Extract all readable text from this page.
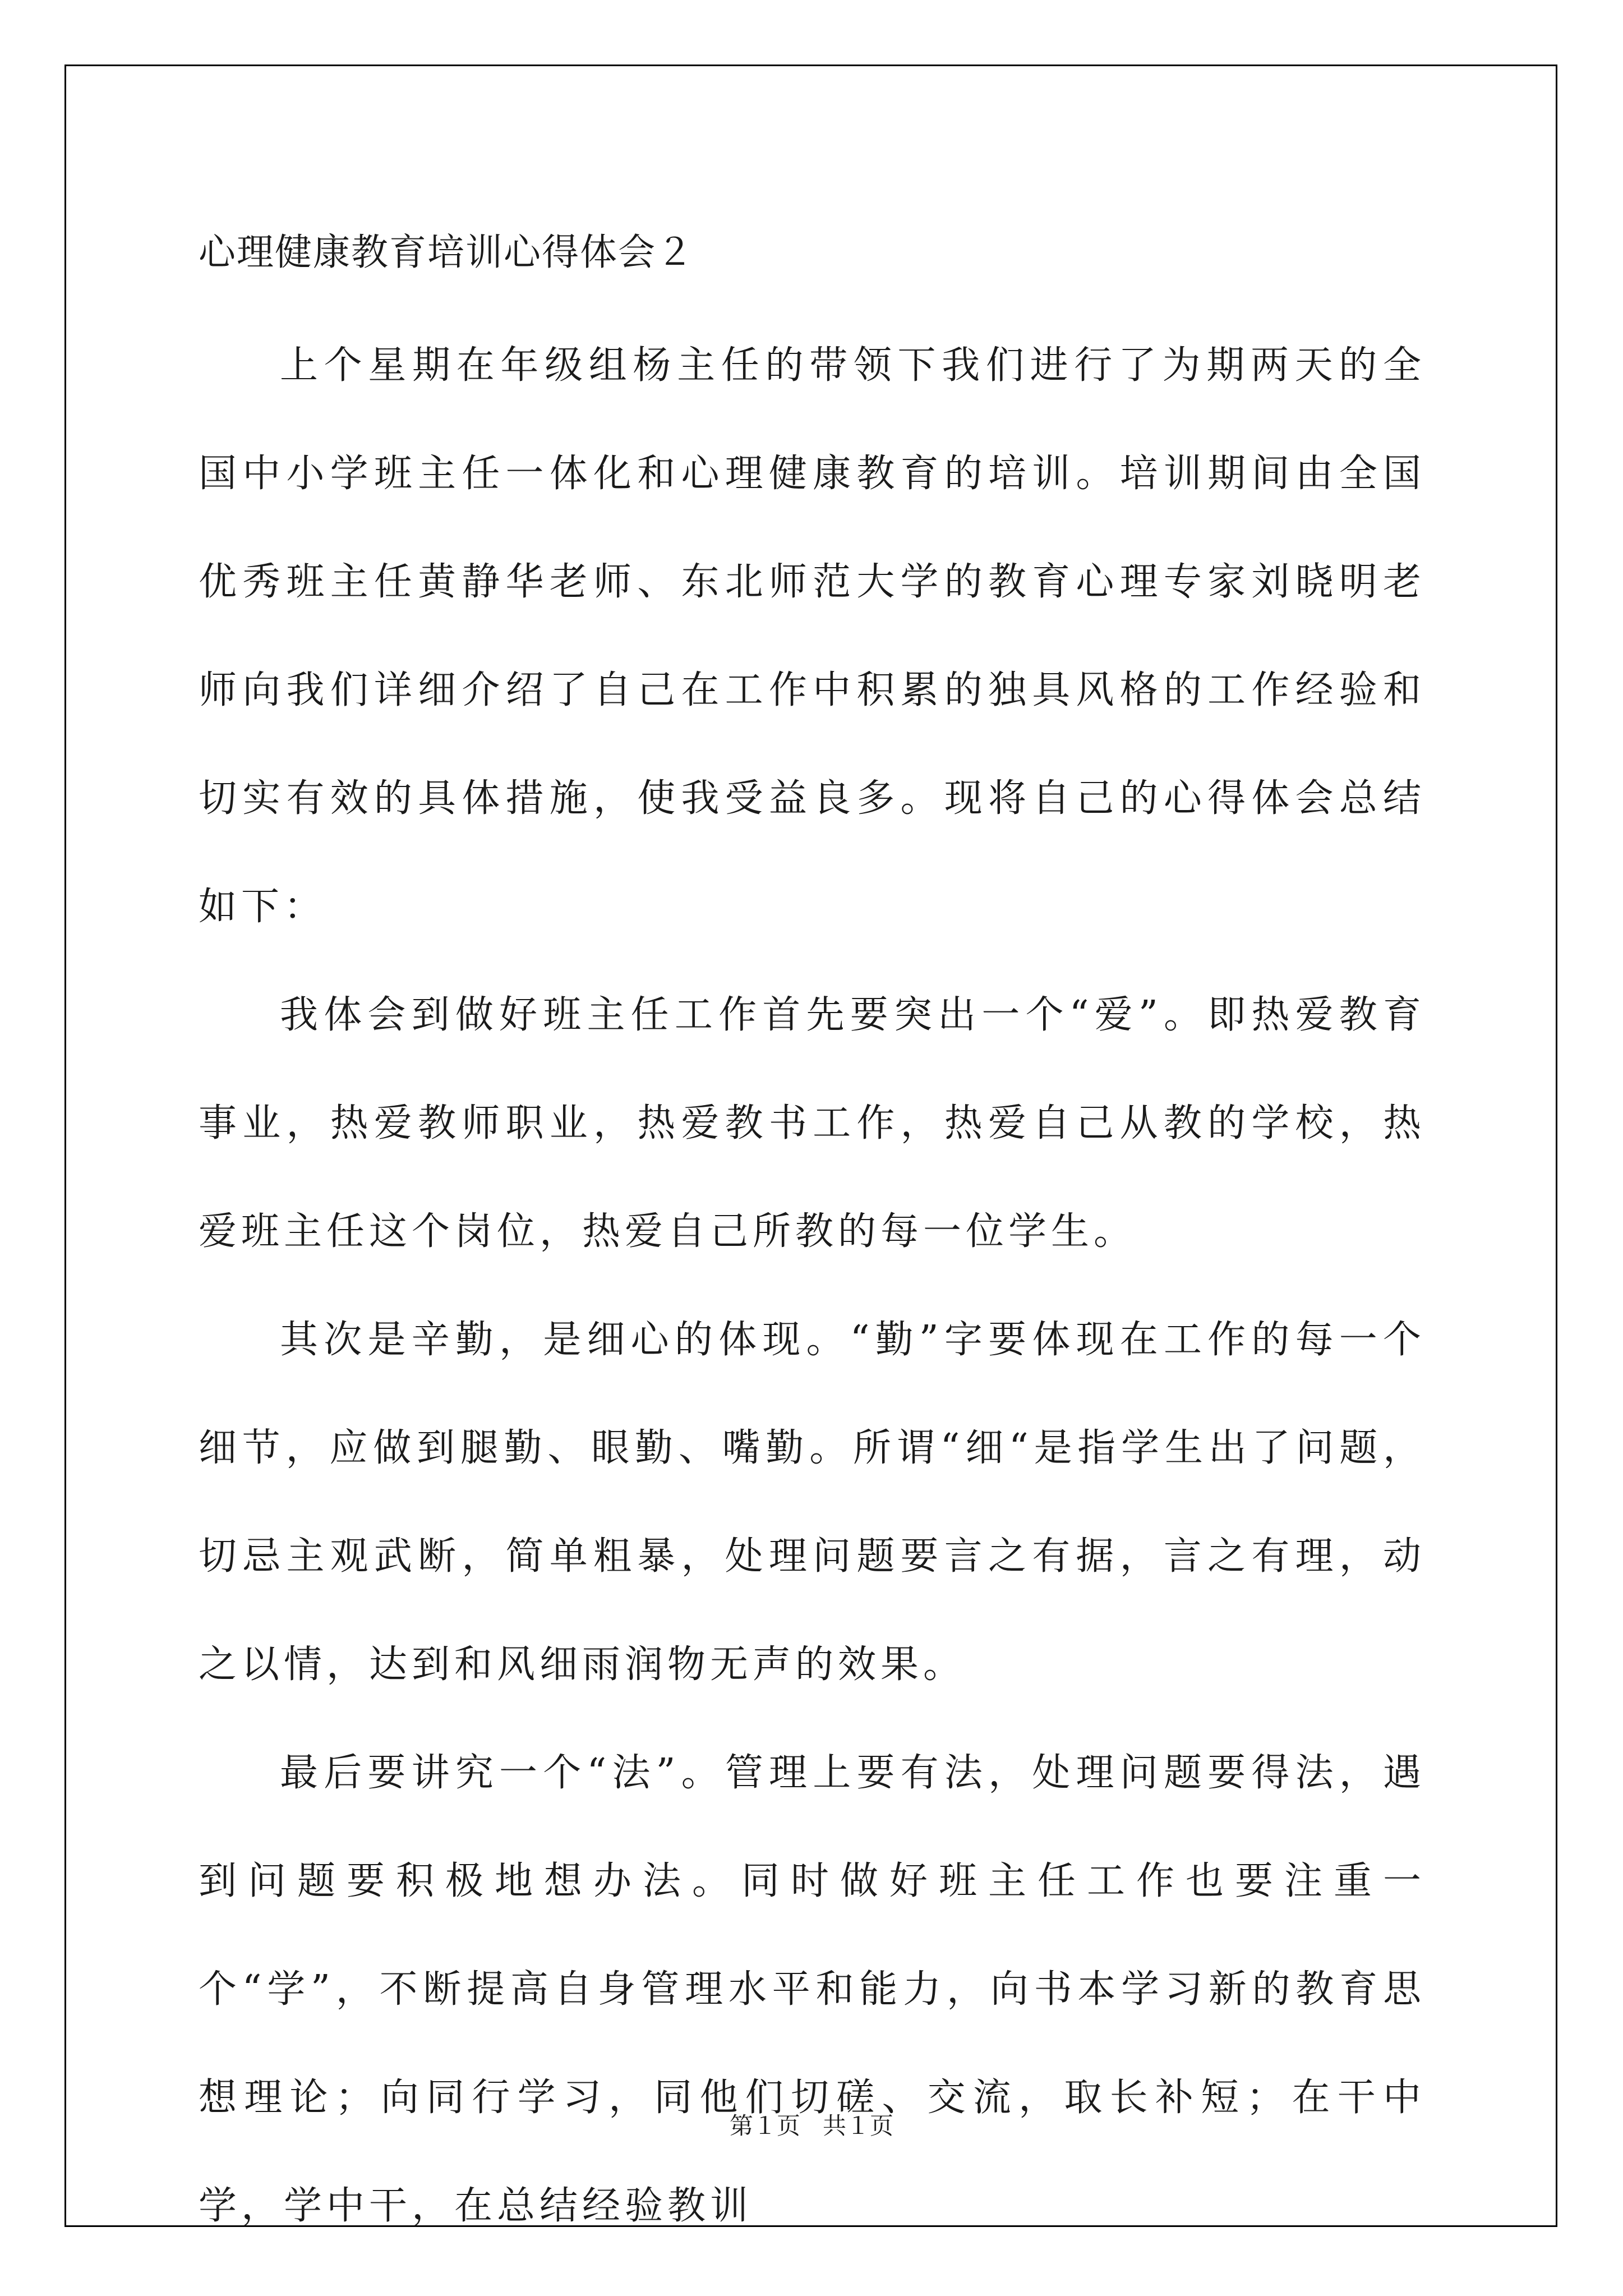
心理健康教育培训心得体会２

上个星期在年级组杨主任的带领下我们进行了为期两天的全国中小学班主任一体化和心理健康教育的培训。培训期间由全国优秀班主任黄静华老师、东北师范大学的教育心理专家刘晓明老师向我们详细介绍了自己在工作中积累的独具风格的工作经验和切实有效的具体措施，使我受益良多。现将自己的心得体会总结如下：

我体会到做好班主任工作首先要突出一个“爱”。即热爱教育事业，热爱教师职业，热爱教书工作，热爱自己从教的学校，热爱班主任这个岗位，热爱自己所教的每一位学生。

其次是辛勤，是细心的体现。“勤”字要体现在工作的每一个细节，应做到腿勤、眼勤、嘴勤。所谓“细“是指学生出了问题，切忌主观武断，简单粗暴，处理问题要言之有据，言之有理，动之以情，达到和风细雨润物无声的效果。

最后要讲究一个“法”。管理上要有法，处理问题要得法，遇到问题要积极地想办法。同时做好班主任工作也要注重一个“学”，不断提高自身管理水平和能力，向书本学习新的教育思想理论；向同行学习，同他们切磋、交流，取长补短；在干中学，学中干，在总结经验教训

第１页 共１页
